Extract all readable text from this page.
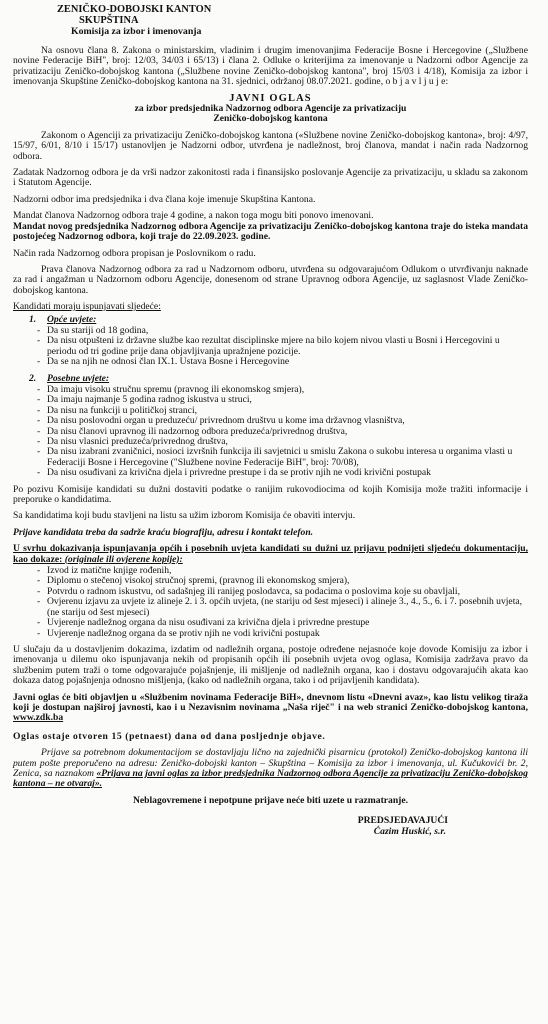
ZENIČKO-DOBOJSKI KANTON
SKUPŠTINA
Komisija za izbor i imenovanja

Na osnovu člana 8. Zakona o ministarskim, vladinim i drugim imenovanjima Federacije Bosne i Hercegovine („Službene novine Federacije BiH", broj: 12/03, 34/03 i 65/13) i člana 2. Odluke o kriterijima za imenovanje u Nadzorni odbor Agencije za privatizaciju Zeničko-dobojskog kantona („Službene novine Zeničko-dobojskog kantona", broj 15/03 i 4/18), Komisija za izbor i imenovanja Skupštine Zeničko-dobojskog kantona na 31. sjednici, održanoj 08.07.2021. godine, o b j a v l j u j e:

JAVNI OGLAS
za izbor predsjednika Nadzornog odbora Agencije za privatizaciju
Zeničko-dobojskog kantona

Zakonom o Agenciji za privatizaciju Zeničko-dobojskog kantona («Službene novine Zeničko-dobojskog kantona», broj: 4/97, 15/97, 6/01, 8/10 i 15/17) ustanovljen je Nadzorni odbor, utvrđena je nadležnost, broj članova, mandat i način rada Nadzornog odbora.

Zadatak Nadzornog odbora je da vrši nadzor zakonitosti rada i finansijsko poslovanje Agencije za privatizaciju, u skladu sa zakonom i Statutom Agencije.

Nadzorni odbor ima predsjednika i dva člana koje imenuje Skupština Kantona.

Mandat članova Nadzornog odbora traje 4 godine, a nakon toga mogu biti ponovo imenovani.

Mandat novog predsjednika Nadzornog odbora Agencije za privatizaciju Zeničko-dobojskog kantona traje do isteka mandata postojećeg Nadzornog odbora, koji traje do 22.09.2023. godine.

Način rada Nadzornog odbora propisan je Poslovnikom o radu.

Prava članova Nadzornog odbora za rad u Nadzornom odboru, utvrđena su odgovarajućom Odlukom o utvrđivanju naknade za rad i angažman u Nadzornom odboru Agencije, donesenom od strane Upravnog odbora Agencije, uz saglasnost Vlade Zeničko-dobojskog kantona.

Kandidati moraju ispunjavati sljedeće:
1. Opće uvjete:
- Da su stariji od 18 godina,
- Da nisu otpušteni iz državne službe kao rezultat disciplinske mjere na bilo kojem nivou vlasti u Bosni i Hercegovini u periodu od tri godine prije dana objavljivanja upražnjene pozicije.
- Da se na njih ne odnosi član IX.1. Ustava Bosne i Hercegovine
2. Posebne uvjete:
- Da imaju visoku stručnu spremu (pravnog ili ekonomskog smjera),
- Da imaju najmanje 5 godina radnog iskustva u struci,
- Da nisu na funkciji u političkoj stranci,
- Da nisu poslovodni organ u preduzeću/ privrednom društvu u kome ima državnog vlasništva,
- Da nisu članovi upravnog ili nadzornog odbora preduzeća/privrednog društva,
- Da nisu vlasnici preduzeća/privrednog društva,
- Da nisu izabrani zvaničnici, nosioci izvršnih funkcija ili savjetnici u smislu Zakona o sukobu interesa u organima vlasti u Federaciji Bosne i Hercegovine ("Službene novine Federacije BiH", broj: 70/08),
- Da nisu osuđivani za krivična djela i privredne prestupe i da se protiv njih ne vodi krivični postupak

Po pozivu Komisije kandidati su dužni dostaviti podatke o ranijim rukovodiocima od kojih Komisija može tražiti informacije i preporuke o kandidatima.

Sa kandidatima koji budu stavljeni na listu sa užim izborom Komisija će obaviti intervju.

Prijave kandidata treba da sadrže kraću biografiju, adresu i kontakt telefon.

U svrhu dokazivanja ispunjavanja općih i posebnih uvjeta kandidati su dužni uz prijavu podnijeti sljedeću dokumentaciju, kao dokaze: (originale ili ovjerene kopije):

- Izvod iz matične knjige rođenih,
- Diplomu o stečenoj visokoj stručnoj spremi, (pravnog ili ekonomskog smjera),
- Potvrdu o radnom iskustvu, od sadašnjeg ili ranijeg poslodavca, sa podacima o poslovima koje su obavljali,
- Ovjerenu izjavu za uvjete iz alineje 2. i 3. općih uvjeta, (ne stariju od šest mjeseci) i alineje 3., 4., 5., 6. i 7. posebnih uvjeta, (ne stariju od šest mjeseci)
- Uvjerenje nadležnog organa da nisu osuđivani za krivična djela i privredne prestupe
- Uvjerenje nadležnog organa da se protiv njih ne vodi krivični postupak

U slučaju da u dostavljenim dokazima, izdatim od nadležnih organa, postoje određene nejasnoće koje dovode Komisiju za izbor i imenovanja u dilemu oko ispunjavanja nekih od propisanih općih ili posebnih uvjeta ovog oglasa, Komisija zadržava pravo da službenim putem traži o tome odgovarajuće pojašnjenje, ili mišljenje od nadležnih organa, kao i dostavu odgovarajućih akata kao dokaza datog pojašnjenja odnosno mišljenja, (kako od nadležnih organa, tako i od prijavljenih kandidata).

Javni oglas će biti objavljen u «Službenim novinama Federacije BiH», dnevnom listu «Dnevni avaz», kao listu velikog tiraža koji je dostupan najširoj javnosti, kao i u Nezavisnim novinama „Naša riječ" i na web stranici Zeničko-dobojskog kantona, www.zdk.ba

Oglas ostaje otvoren 15 (petnaest) dana od dana posljednje objave.

Prijave sa potrebnom dokumentacijom se dostavljaju lično na zajednički pisarnicu (protokol) Zeničko-dobojskog kantona ili putem pošte preporučeno na adresu: Zeničko-dobojski kanton – Skupština – Komisija za izbor i imenovanja, ul. Kučukovići br. 2, Zenica, sa naznakom «Prijava na javni oglas za izbor predsjednika Nadzornog odbora Agencije za privatizaciju Zeničko-dobojskog kantona – ne otvaraj».

Neblagovremene i nepotpune prijave neće biti uzete u razmatranje.

PREDSJEDAVAJUĆI
Ćazim Huskić, s.r.
